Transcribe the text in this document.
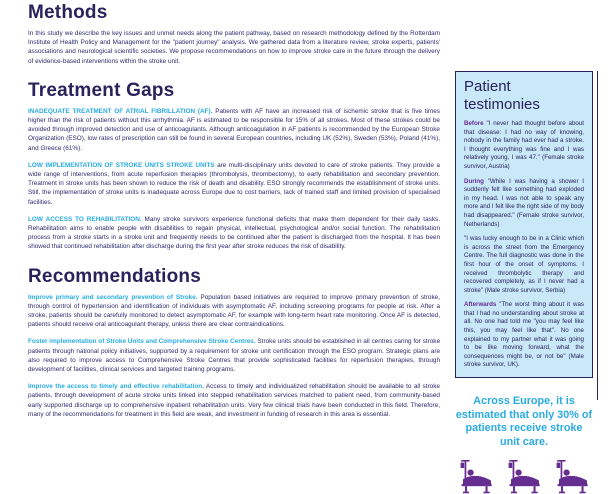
Methods

In this study we describe the key issues and unmet needs along the patient pathway, based on research methodology defined by the Rotterdam Institute of Health Policy and Management for the "patient journey" analysis. We gathered data from a literature review, stroke experts, patients' associations and neurological scientific societies. We propose recommendations on how to improve stroke care in the future through the delivery of evidence-based interventions within the stroke unit.

Treatment Gaps

INADEQUATE TREATMENT OF ATRIAL FIBRILLATION (AF). Patients with AF have an increased risk of ischemic stroke that is five times higher than the risk of patients without this arrhythmia. AF is estimated to be responsible for 15% of all strokes. Most of these strokes could be avoided through improved detection and use of anticoagulants. Although anticoagulation in AF patients is recommended by the European Stroke Organization (ESO), low rates of prescription can still be found in several European countries, including UK (52%), Sweden (53%), Poland (41%), and Greece (61%).

LOW IMPLEMENTATION OF STROKE UNITS STROKE UNITS are multi-disciplinary units devoted to care of stroke patients. They provide a wide range of interventions, from acute reperfusion therapies (thrombolysis, thrombectomy), to early rehabilitation and secondary prevention. Treatment in stroke units has been shown to reduce the risk of death and disability. ESO strongly recommends the establishment of stroke units. Still, the implementation of stroke units is inadequate across Europe due to cost barriers, lack of trained staff and limited provision of specialised facilities.

LOW ACCESS TO REHABILITATION. Many stroke survivors experience functional deficits that make them dependent for their daily tasks. Rehabilitation aims to enable people with disabilities to regain physical, intellectual, psychological and/or social function. The rehabilitation process from a stroke starts in a stroke unit and frequently needs to be continued after the patient is discharged from the hospital. It has been showed that continued rehabilitation after discharge during the first year after stroke reduces the risk of disability.

Recommendations

Improve primary and secondary prevention of Stroke. Population based initiatives are required to improve primary prevention of stroke, through control of hypertension and identification of individuals with asymptomatic AF, including screening programs for people at risk. After a stroke, patients should be carefully monitored to detect asymptomatic AF, for example with long-term heart rate monitoring. Once AF is detected, patients should receive oral anticoagulant therapy, unless there are clear contraindications.

Foster implementation of Stroke Units and Comprehensive Stroke Centres. Stroke units should be established in all centres caring for stroke patients through national policy initiatives, supported by a requirement for stroke unit certification through the ESO program. Strategic plans are also required to improve access to Comprehensive Stroke Centres that provide sophisticated facilities for reperfusion therapies, through development of facilities, clinical services and targeted training programs.

Improve the access to timely and effective rehabilitation. Access to timely and individualized rehabilitation should be available to all stroke patients, through development of acute stroke units linked into stepped rehabilitation services matched to patient need, from community-based early supported discharge up to comprehensive inpatient rehabilitation units. Very few clinical trials have been conducted in this field. Therefore, many of the recommendations for treatment in this field are weak, and investment in funding of research in this area is essential.

Patient testimonies

Before "I never had thought before about that disease: I had no way of knowing, nobody in the family had ever had a stroke. I thought everything was fine and I was relatively young, I was 47." (Female stroke survivor, Austria)

During "While I was having a shower I suddenly felt like something had exploded in my head. I was not able to speak any more and I felt like the right side of my body had disappeared." (Female stroke survivor, Netherlands)

"I was lucky enough to be in a Clinic which is across the street from the Emergency Centre. The full diagnostic was done in the first hour of the onset of symptoms. I received thrombolytic therapy and recovered completely, as if I never had a stroke" (Male stroke survivor, Serbia)

Afterwards "The worst thing about it was that I had no understanding about stroke at all. No one had told me "you may feel like this, you may feel like that". No one explained to my partner what it was going to be like moving forward, what the consequences might be, or not be" (Male stroke survivor, UK).

Across Europe, it is estimated that only 30% of patients receive stroke unit care.
